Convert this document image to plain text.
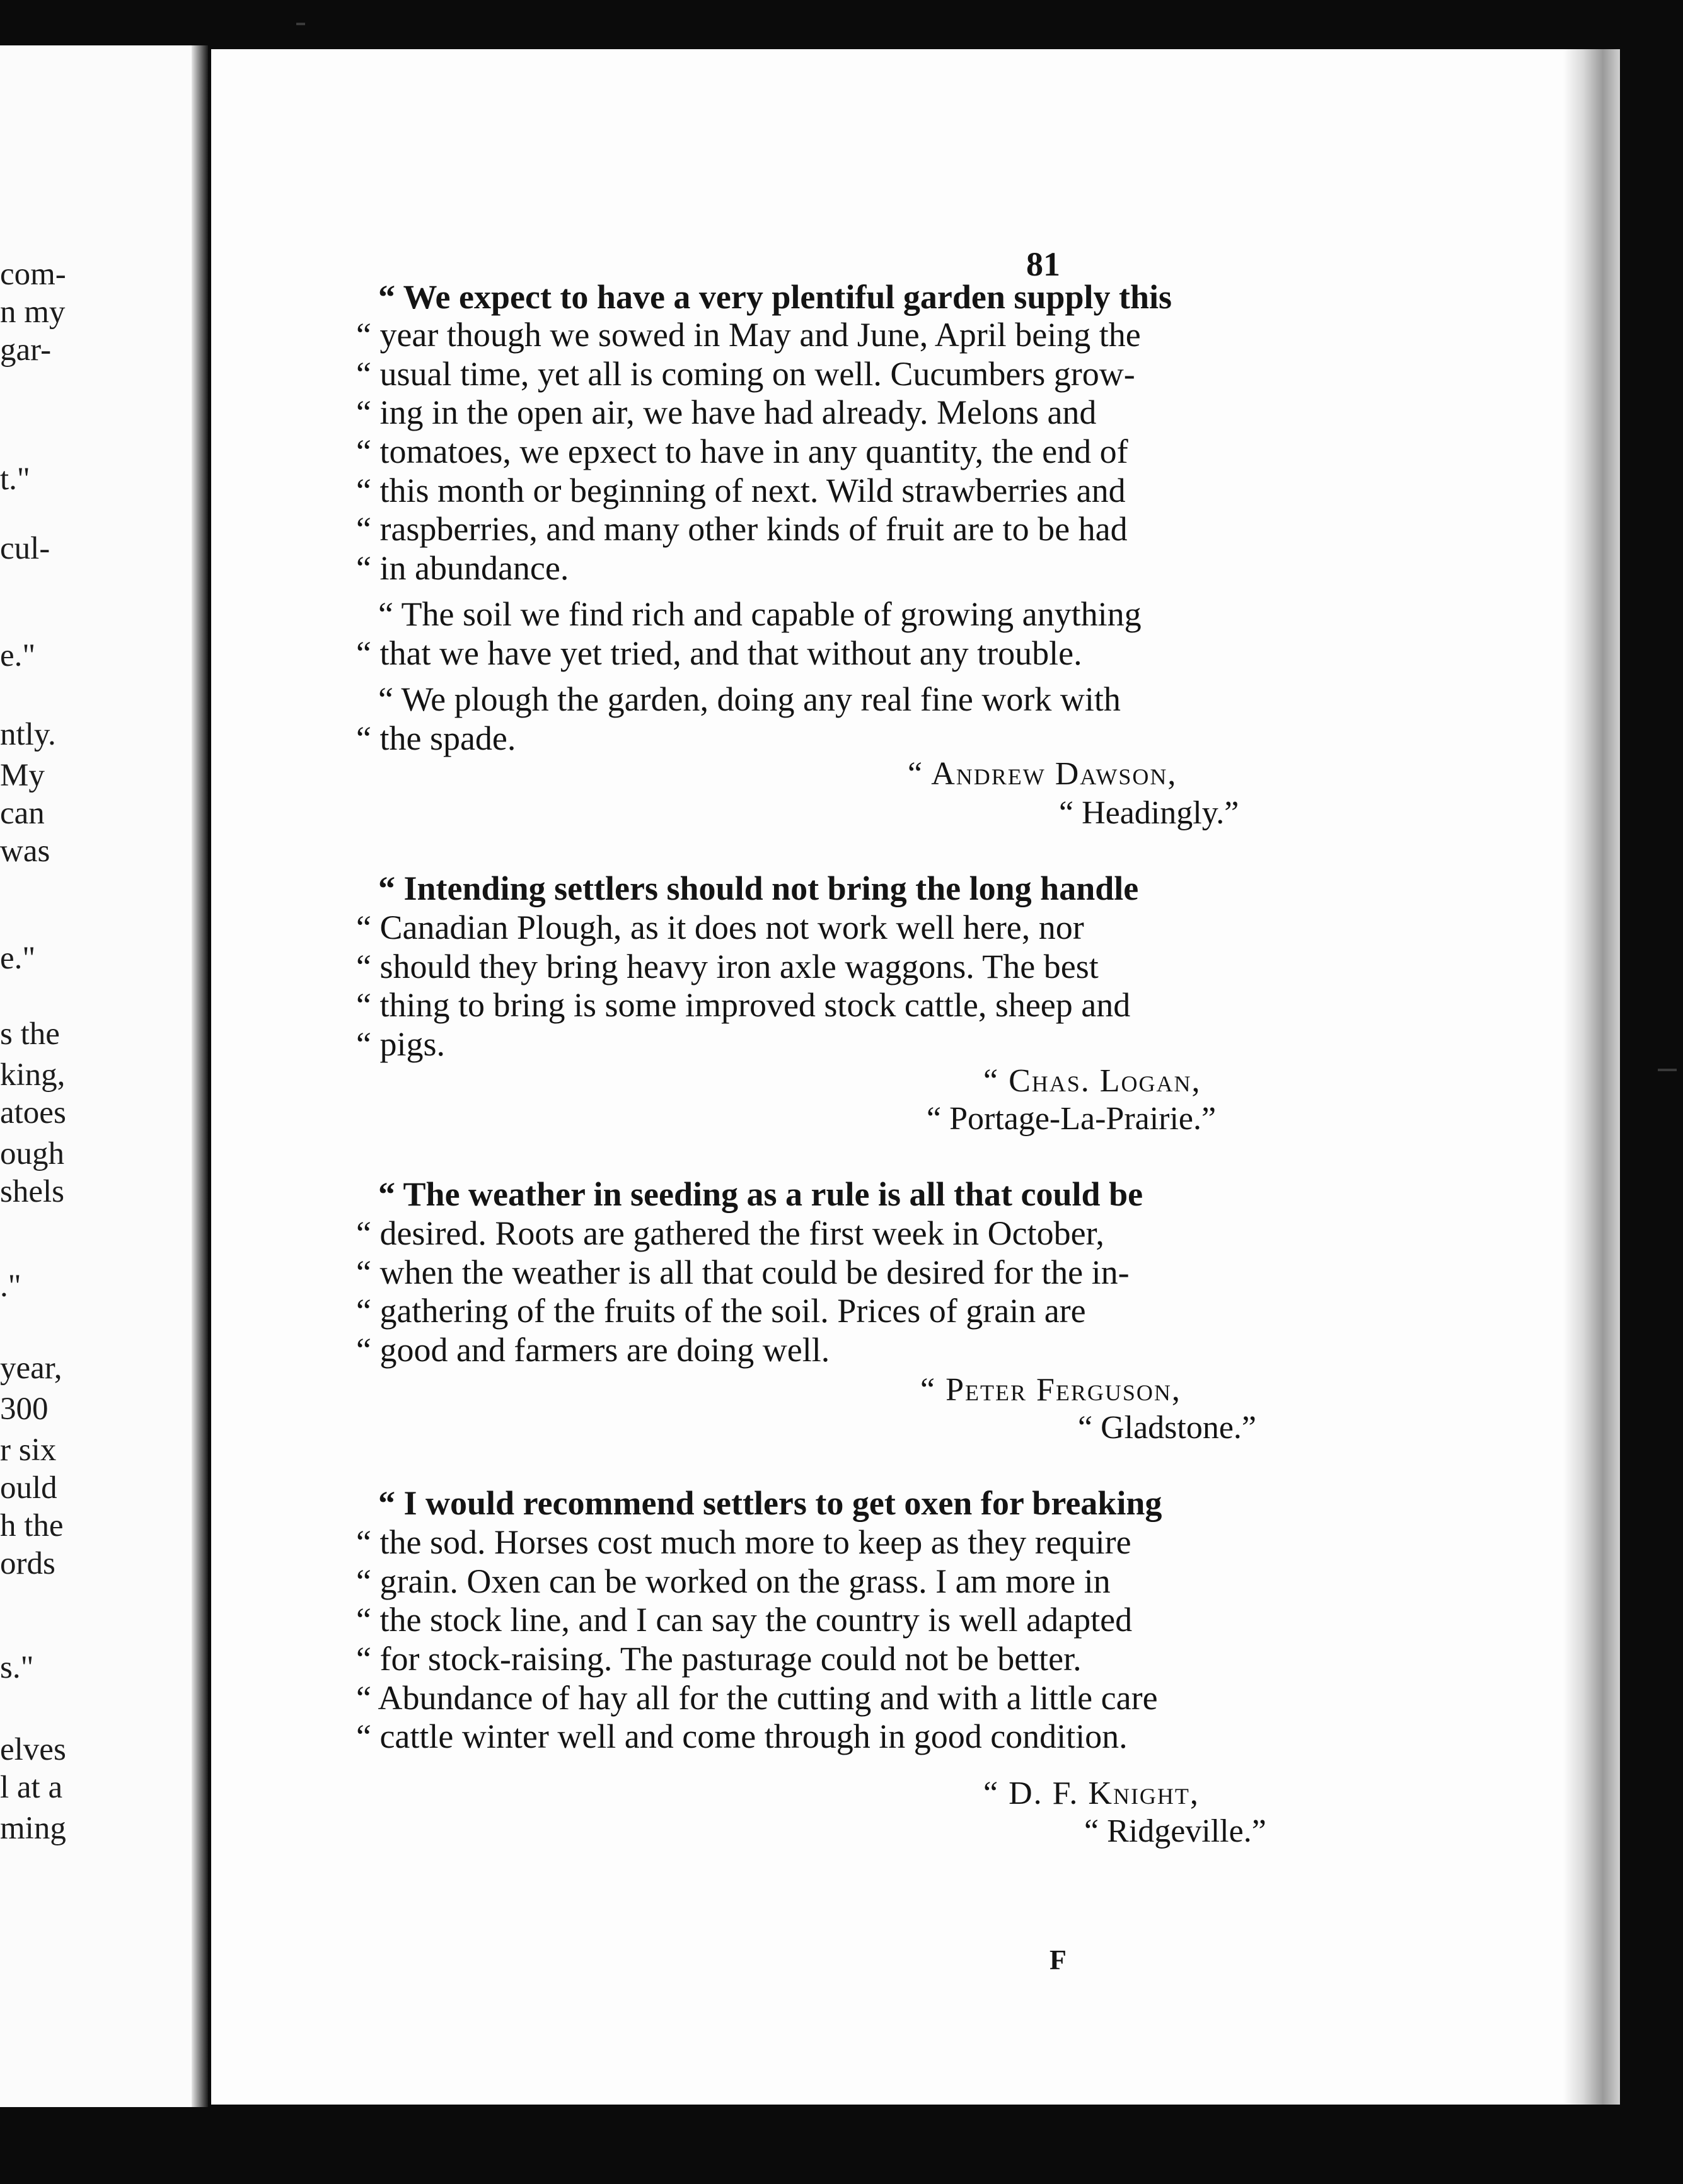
com-
n my
gar-
t."
cul-
e."
ntly.
My
can
was
e."
s the
king,
atoes
ough
shels
."
year,
300
r six
ould
h the
ords
s."
elves
l at a
ming
81
F
“ We expect to have a very plentiful garden supply this
“ year though we sowed in May and June, April being the
“ usual time, yet all is coming on well. Cucumbers grow-
“ ing in the open air, we have had already. Melons and
“ tomatoes, we epxect to have in any quantity, the end of
“ this month or beginning of next. Wild strawberries and
“ raspberries, and many other kinds of fruit are to be had
“ in abundance.
“ The soil we find rich and capable of growing anything
“ that we have yet tried, and that without any trouble.
“ We plough the garden, doing any real fine work with
“ the spade.
“ Andrew Dawson,
“ Headingly.”
“ Intending settlers should not bring the long handle
“ Canadian Plough, as it does not work well here, nor
“ should they bring heavy iron axle waggons. The best
“ thing to bring is some improved stock cattle, sheep and
“ pigs.
“ Chas. Logan,
“ Portage-La-Prairie.”
“ The weather in seeding as a rule is all that could be
“ desired. Roots are gathered the first week in October,
“ when the weather is all that could be desired for the in-
“ gathering of the fruits of the soil. Prices of grain are
“ good and farmers are doing well.
“ Peter Ferguson,
“ Gladstone.”
“ I would recommend settlers to get oxen for breaking
“ the sod. Horses cost much more to keep as they require
“ grain. Oxen can be worked on the grass. I am more in
“ the stock line, and I can say the country is well adapted
“ for stock-raising. The pasturage could not be better.
“ Abundance of hay all for the cutting and with a little care
“ cattle winter well and come through in good condition.
“ D. F. Knight,
“ Ridgeville.”
